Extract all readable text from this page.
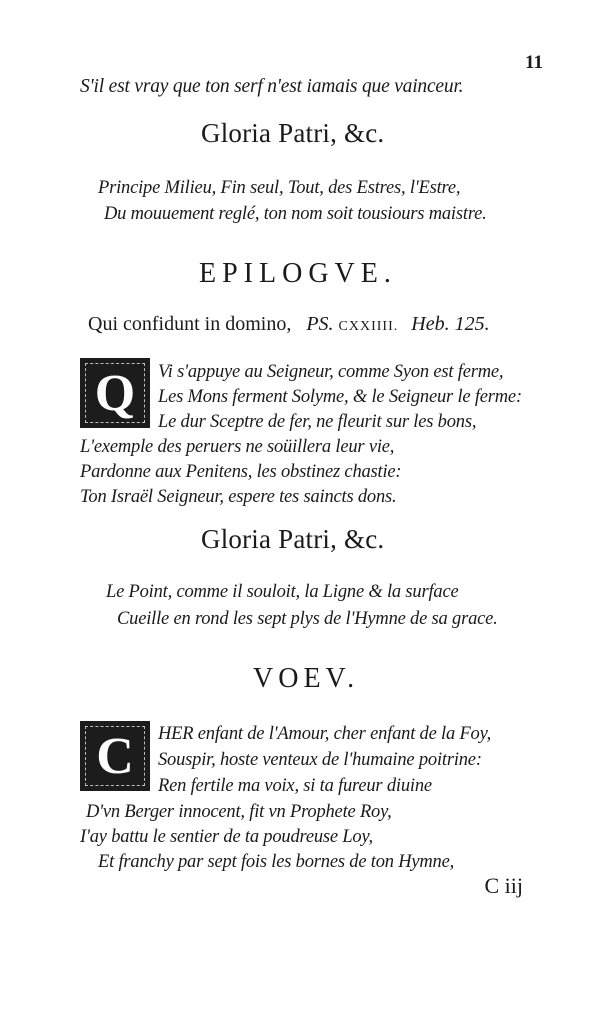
11
S'il est vray que ton serf n'est iamais que vainceur.
Gloria Patri, &c.
Principe Milieu, Fin seul, Tout, des Estres, l'Estre,
Du mouuement reglé, ton nom soit tousiours maistre.
EPILOGVE.
Qui confidunt in domino, PS. CXXIIII. Heb. 125.
Q	Vi s'appuye au Seigneur, comme Syon est ferme,
Les Mons ferment Solyme, & le Seigneur le ferme:
Le dur Sceptre de fer, ne fleurit sur les bons,
L'exemple des peruers ne soüillera leur vie,
Pardonne aux Penitens, les obstinez chastie:
Ton Israël Seigneur, espere tes saincts dons.
Gloria Patri, &c.
Le Point, comme il souloit, la Ligne & la surface
Cueille en rond les sept plys de l'Hymne de sa grace.
VOEV.
C	HER enfant de l'Amour, cher enfant de la Foy,
Souspir, hoste venteux de l'humaine poitrine:
Ren fertile ma voix, si ta fureur diuine
D'vn Berger innocent, fit vn Prophete Roy,
I'ay battu le sentier de ta poudreuse Loy,
Et franchy par sept fois les bornes de ton Hymne,
C iij
